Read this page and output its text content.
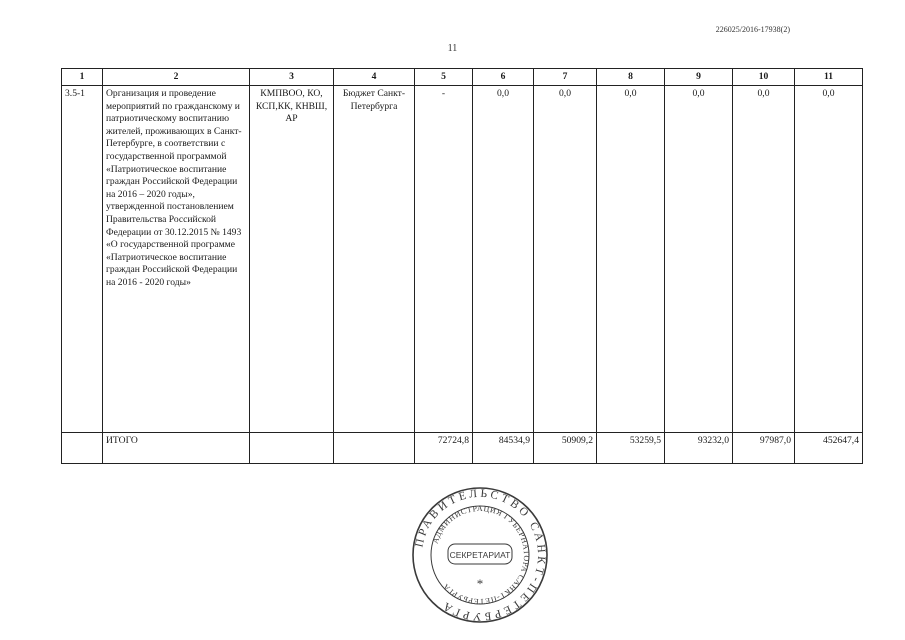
226025/2016-17938(2)
11
1	2	3	4	5	6	7	8	9	10	11
3.5-1	Организация и проведение мероприятий по гражданскому и патриотическому воспитанию жителей, проживающих в Санкт-Петербурге, в соответствии с государственной программой «Патриотическое воспитание граждан Российской Федерации на 2016 – 2020 годы», утвержденной постановлением Правительства Российской Федерации от 30.12.2015 № 1493 «О государственной программе «Патриотическое воспитание граждан Российской Федерации на 2016 - 2020 годы»	КМПВОО, КО, КСП,КК, КНВШ, АР	Бюджет Санкт-Петербурга	-	0,0	0,0	0,0	0,0	0,0	0,0
	ИТОГО			72724,8	84534,9	50909,2	53259,5	93232,0	97987,0	452647,4
ПРАВИТЕЛЬСТВО САНКТ-ПЕТЕРБУРГА
АДМИНИСТРАЦИЯ ГУБЕРНАТОРА САНКТ-ПЕТЕРБУРГА
СЕКРЕТАРИАТ
*
